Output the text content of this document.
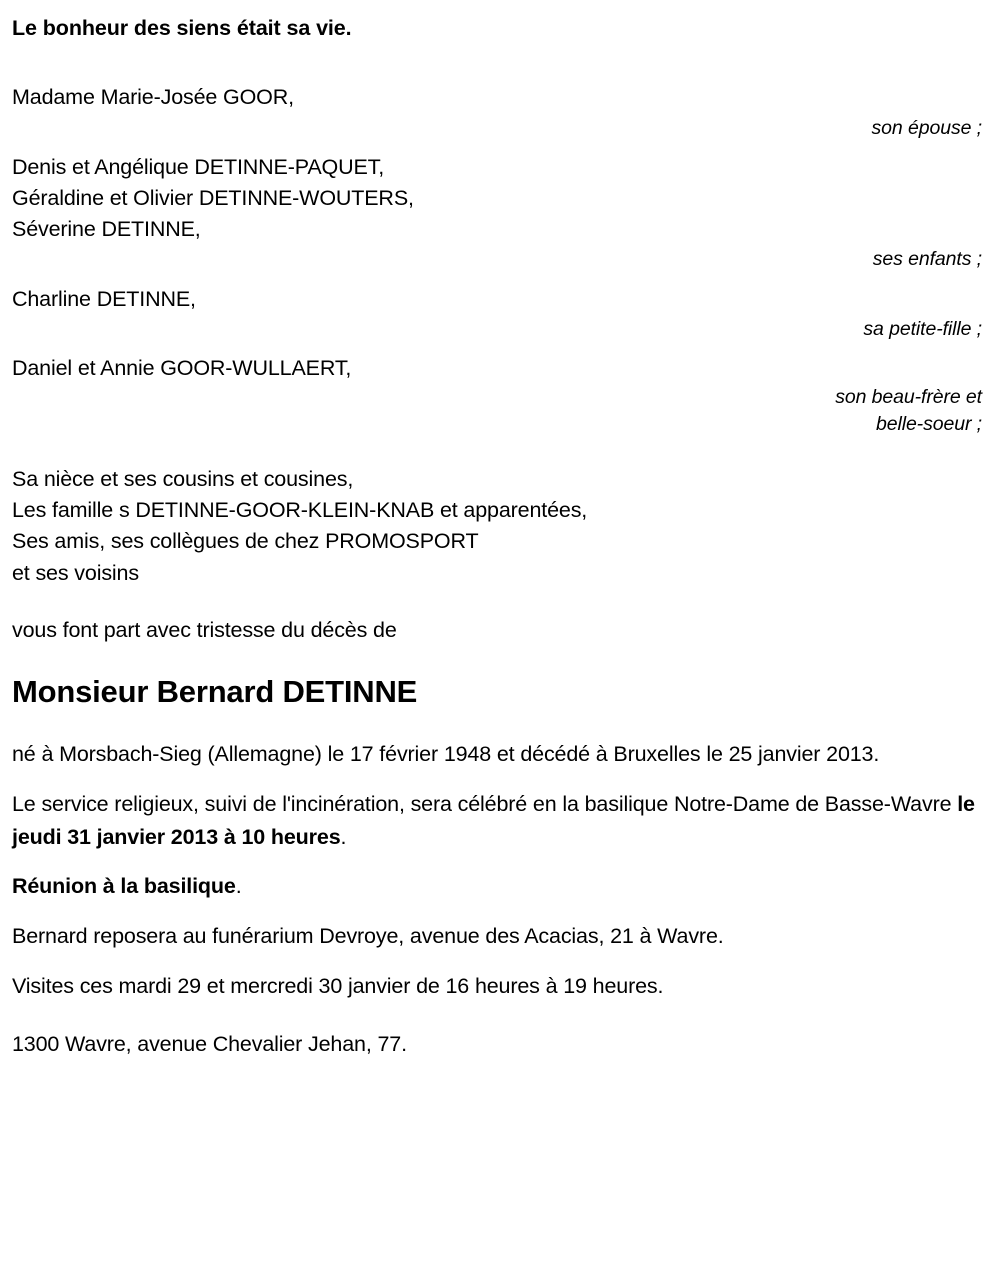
Le bonheur des siens était sa vie.
Madame Marie-Josée GOOR,
son épouse ;
Denis et Angélique DETINNE-PAQUET,
Géraldine et Olivier DETINNE-WOUTERS,
Séverine DETINNE,
ses enfants ;
Charline DETINNE,
sa petite-fille ;
Daniel et Annie GOOR-WULLAERT,
son beau-frère et
belle-soeur ;
Sa nièce et ses cousins et cousines,
Les famille s DETINNE-GOOR-KLEIN-KNAB et apparentées,
Ses amis, ses collègues de chez PROMOSPORT
et ses voisins
vous font part avec tristesse du décès de
Monsieur Bernard DETINNE
né à Morsbach-Sieg (Allemagne) le 17 février 1948 et décédé à Bruxelles le 25 janvier 2013.
Le service religieux, suivi de l'incinération, sera célébré en la basilique Notre-Dame de Basse-Wavre le jeudi 31 janvier 2013 à 10 heures.
Réunion à la basilique.
Bernard reposera au funérarium Devroye, avenue des Acacias, 21 à Wavre.
Visites ces mardi 29 et mercredi 30 janvier de 16 heures à 19 heures.
1300 Wavre, avenue Chevalier Jehan, 77.
